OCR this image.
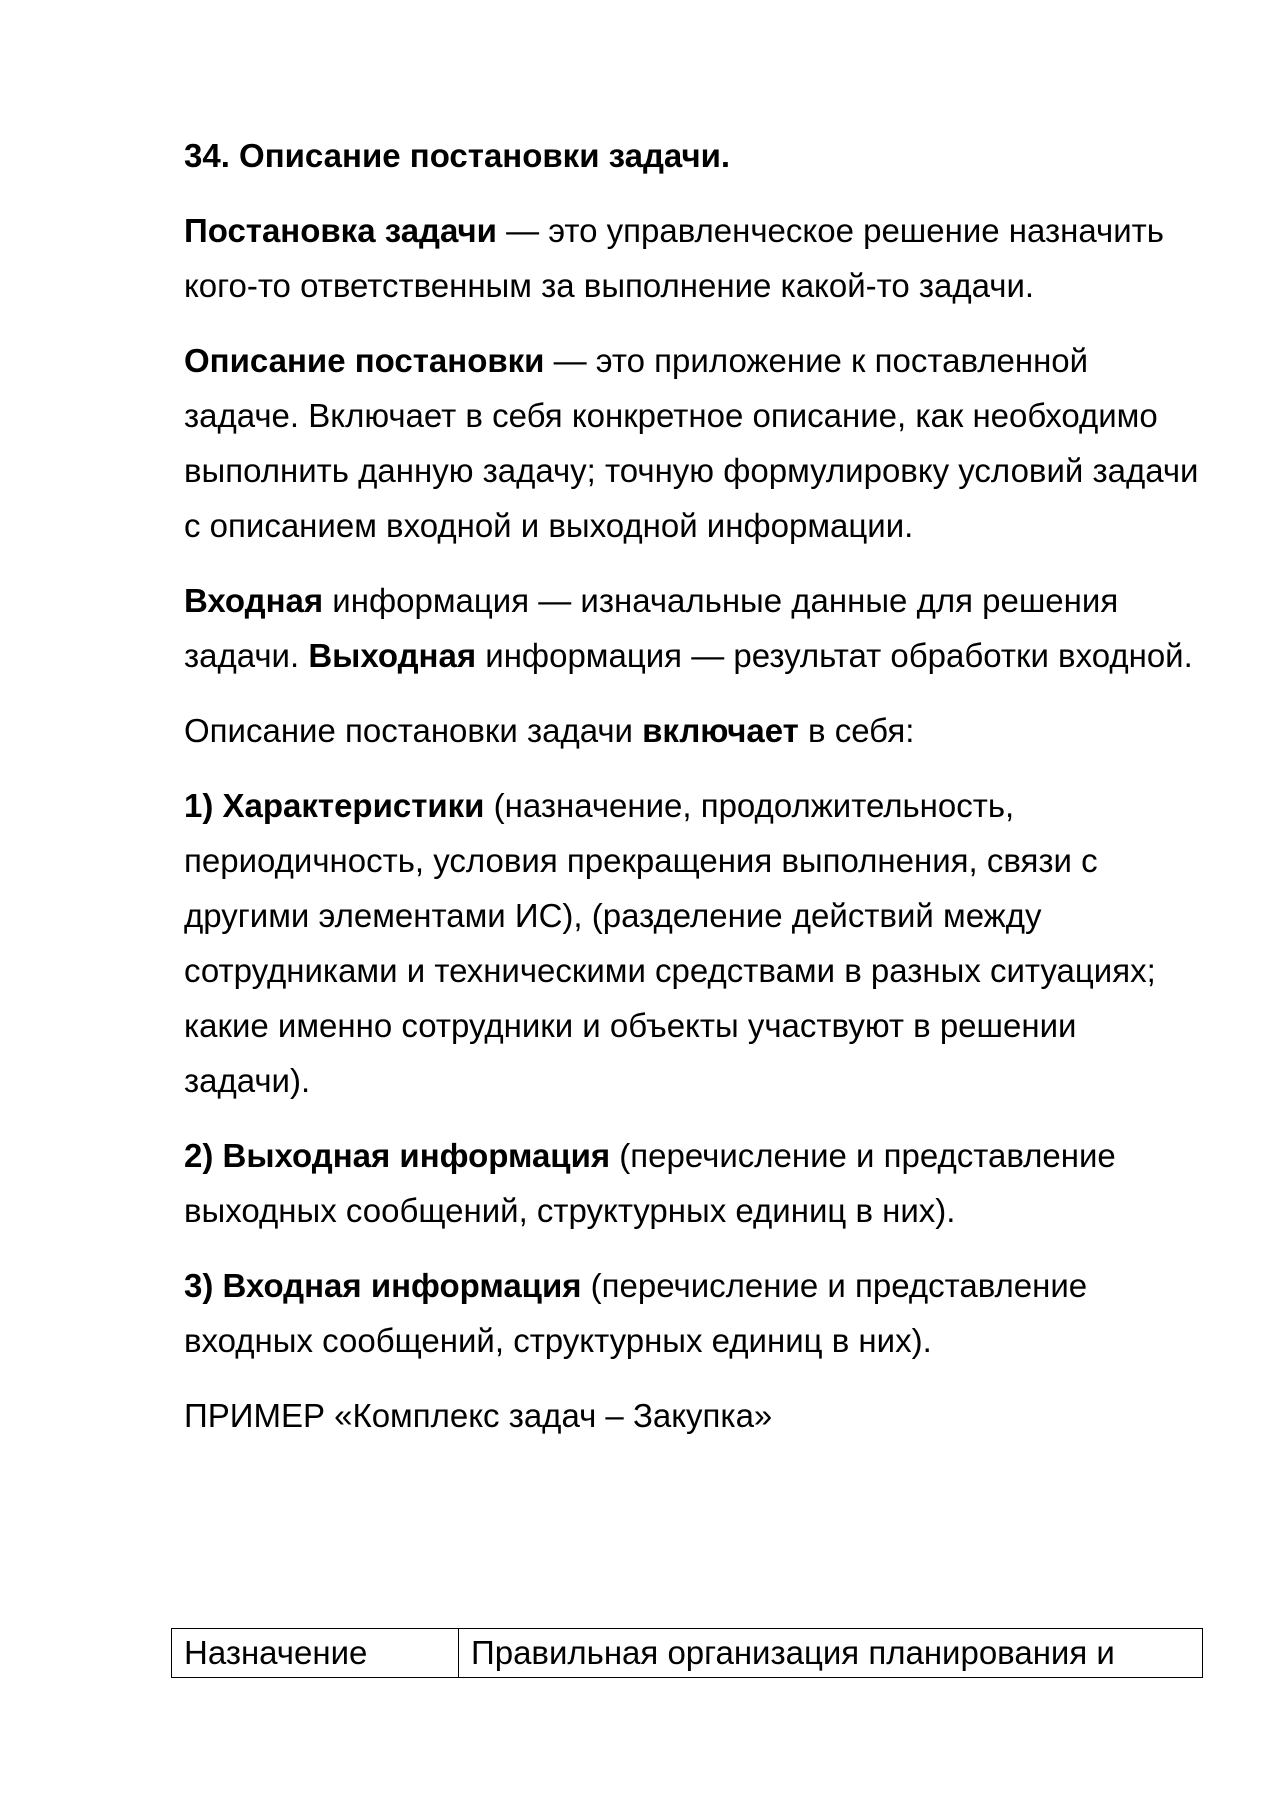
34. Описание постановки задачи.

Постановка задачи — это управленческое решение назначить кого-то ответственным за выполнение какой-то задачи.

Описание постановки — это приложение к поставленной задаче. Включает в себя конкретное описание, как необходимо выполнить данную задачу; точную формулировку условий задачи с описанием входной и выходной информации.

Входная информация — изначальные данные для решения задачи. Выходная информация — результат обработки входной.

Описание постановки задачи включает в себя:

1) Характеристики (назначение, продолжительность, периодичность, условия прекращения выполнения, связи с другими элементами ИС), (разделение действий между сотрудниками и техническими средствами в разных ситуациях; какие именно сотрудники и объекты участвуют в решении задачи).

2) Выходная информация (перечисление и представление выходных сообщений, структурных единиц в них).

3) Входная информация (перечисление и представление входных сообщений, структурных единиц в них).

ПРИМЕР «Комплекс задач – Закупка»

Назначение	Правильная организация планирования и
